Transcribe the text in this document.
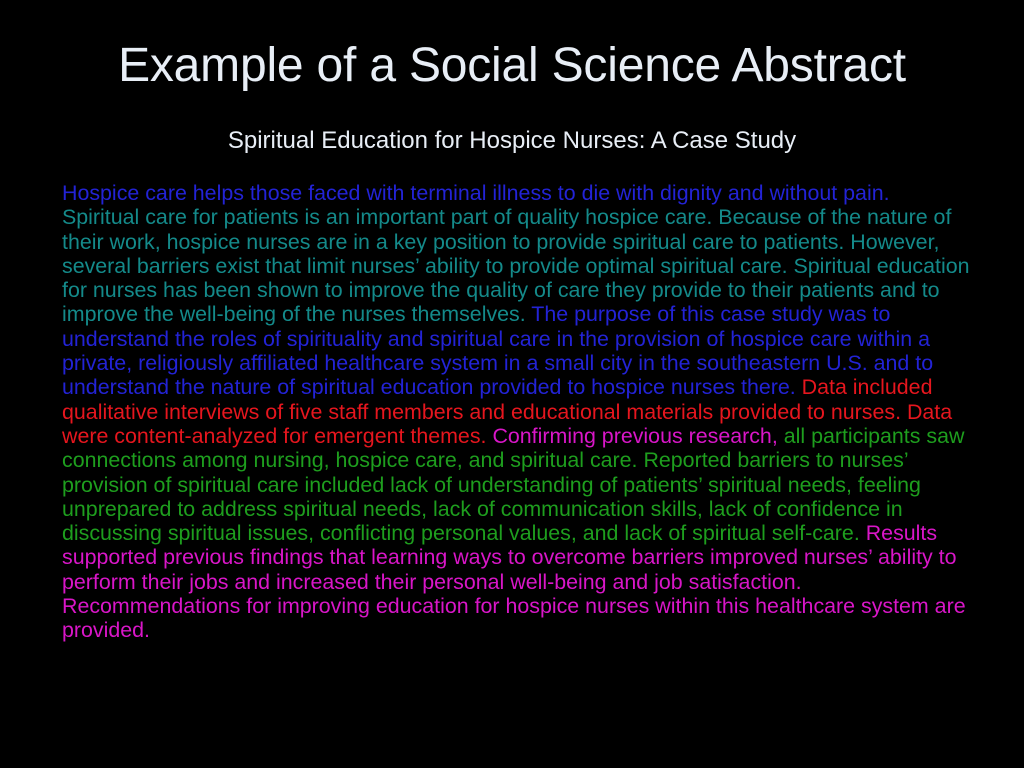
Example of a Social Science Abstract
Spiritual Education for Hospice Nurses: A Case Study

Hospice care helps those faced with terminal illness to die with dignity and without pain. Spiritual care for patients is an important part of quality hospice care. Because of the nature of their work, hospice nurses are in a key position to provide spiritual care to patients. However, several barriers exist that limit nurses’ ability to provide optimal spiritual care. Spiritual education for nurses has been shown to improve the quality of care they provide to their patients and to improve the well-being of the nurses themselves. The purpose of this case study was to understand the roles of spirituality and spiritual care in the provision of hospice care within a private, religiously affiliated healthcare system in a small city in the southeastern U.S. and to understand the nature of spiritual education provided to hospice nurses there. Data included qualitative interviews of five staff members and educational materials provided to nurses. Data were content-analyzed for emergent themes. Confirming previous research, all participants saw connections among nursing, hospice care, and spiritual care. Reported barriers to nurses’ provision of spiritual care included lack of understanding of patients’ spiritual needs, feeling unprepared to address spiritual needs, lack of communication skills, lack of confidence in discussing spiritual issues, conflicting personal values, and lack of spiritual self-care. Results supported previous findings that learning ways to overcome barriers improved nurses’ ability to perform their jobs and increased their personal well-being and job satisfaction. Recommendations for improving education for hospice nurses within this healthcare system are provided.
